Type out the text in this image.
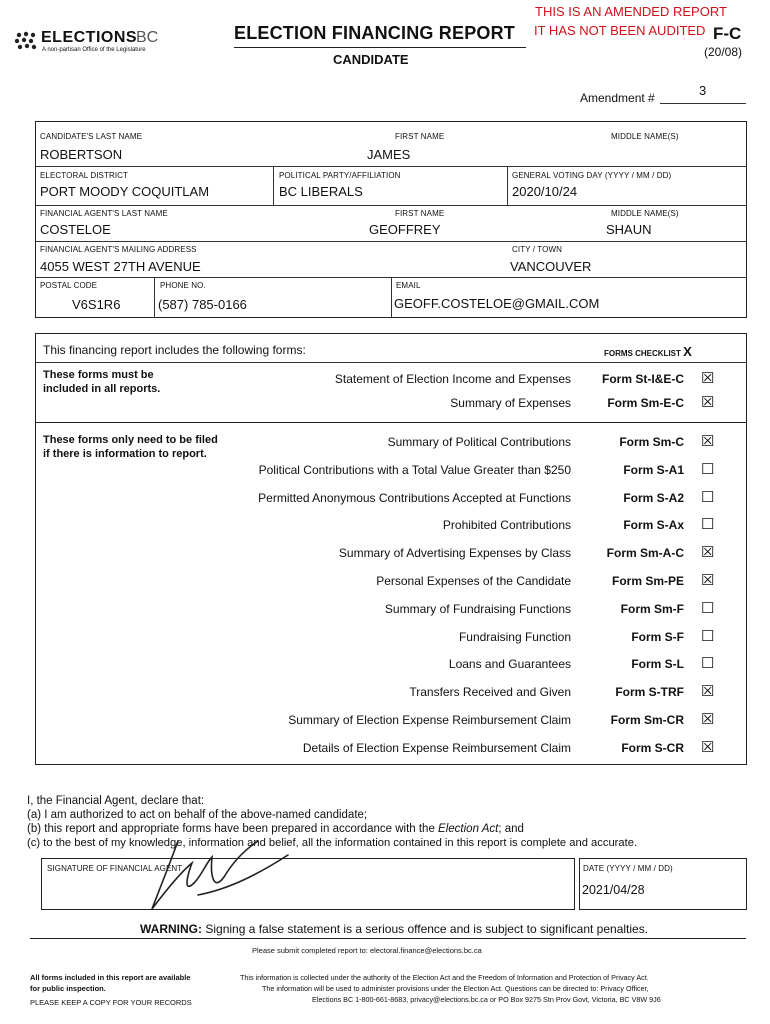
ELECTIONS
BC
A non-partisan Office of the Legislature
ELECTION FINANCING REPORT
CANDIDATE
THIS IS AN AMENDED REPORT
IT HAS NOT BEEN AUDITED F-C
(20/08)
Amendment #	3
CANDIDATE'S LAST NAME
ROBERTSON
FIRST NAME
JAMES
MIDDLE NAME(S)
ELECTORAL DISTRICT
PORT MOODY COQUITLAM
POLITICAL PARTY/AFFILIATION
BC LIBERALS
GENERAL VOTING DAY (YYYY / MM / DD)
2020/10/24
FINANCIAL AGENT'S LAST NAME
COSTELOE
FIRST NAME
GEOFFREY
MIDDLE NAME(S)
SHAUN
FINANCIAL AGENT'S MAILING ADDRESS
4055 WEST 27TH AVENUE
CITY / TOWN
VANCOUVER
POSTAL CODE
V6S1R6
PHONE NO.
(587) 785-0166
EMAIL
GEOFF.COSTELOE@GMAIL.COM
This financing report includes the following forms:	FORMS CHECKLIST X
These forms must be
included in all reports.
Statement of Election Income and Expenses	Form St-I&E-C ☒
Summary of Expenses	Form Sm-E-C ☒
These forms only need to be filed
if there is information to report.
Summary of Political Contributions	Form Sm-C ☒
Political Contributions with a Total Value Greater than $250	Form S-A1 ☐
Permitted Anonymous Contributions Accepted at Functions	Form S-A2 ☐
Prohibited Contributions	Form S-Ax ☐
Summary of Advertising Expenses by Class	Form Sm-A-C ☒
Personal Expenses of the Candidate	Form Sm-PE ☒
Summary of Fundraising Functions	Form Sm-F ☐
Fundraising Function	Form S-F ☐
Loans and Guarantees	Form S-L ☐
Transfers Received and Given	Form S-TRF ☒
Summary of Election Expense Reimbursement Claim	Form Sm-CR ☒
Details of Election Expense Reimbursement Claim	Form S-CR ☒
I, the Financial Agent, declare that:
(a) I am authorized to act on behalf of the above-named candidate;
(b) this report and appropriate forms have been prepared in accordance with the Election Act; and
(c) to the best of my knowledge, information and belief, all the information contained in this report is complete and accurate.
SIGNATURE OF FINANCIAL AGENT	DATE (YYYY / MM / DD)
2021/04/28
WARNING: Signing a false statement is a serious offence and is subject to significant penalties.
Please submit completed report to: electoral.finance@elections.bc.ca
All forms included in this report are available
for public inspection.
PLEASE KEEP A COPY FOR YOUR RECORDS
This information is collected under the authority of the Election Act and the Freedom of Information and Protection of Privacy Act.
The information will be used to administer provisions under the Election Act. Questions can be directed to: Privacy Officer,
Elections BC 1-800-661-8683, privacy@elections.bc.ca or PO Box 9275 Stn Prov Govt, Victoria, BC V8W 9J6
